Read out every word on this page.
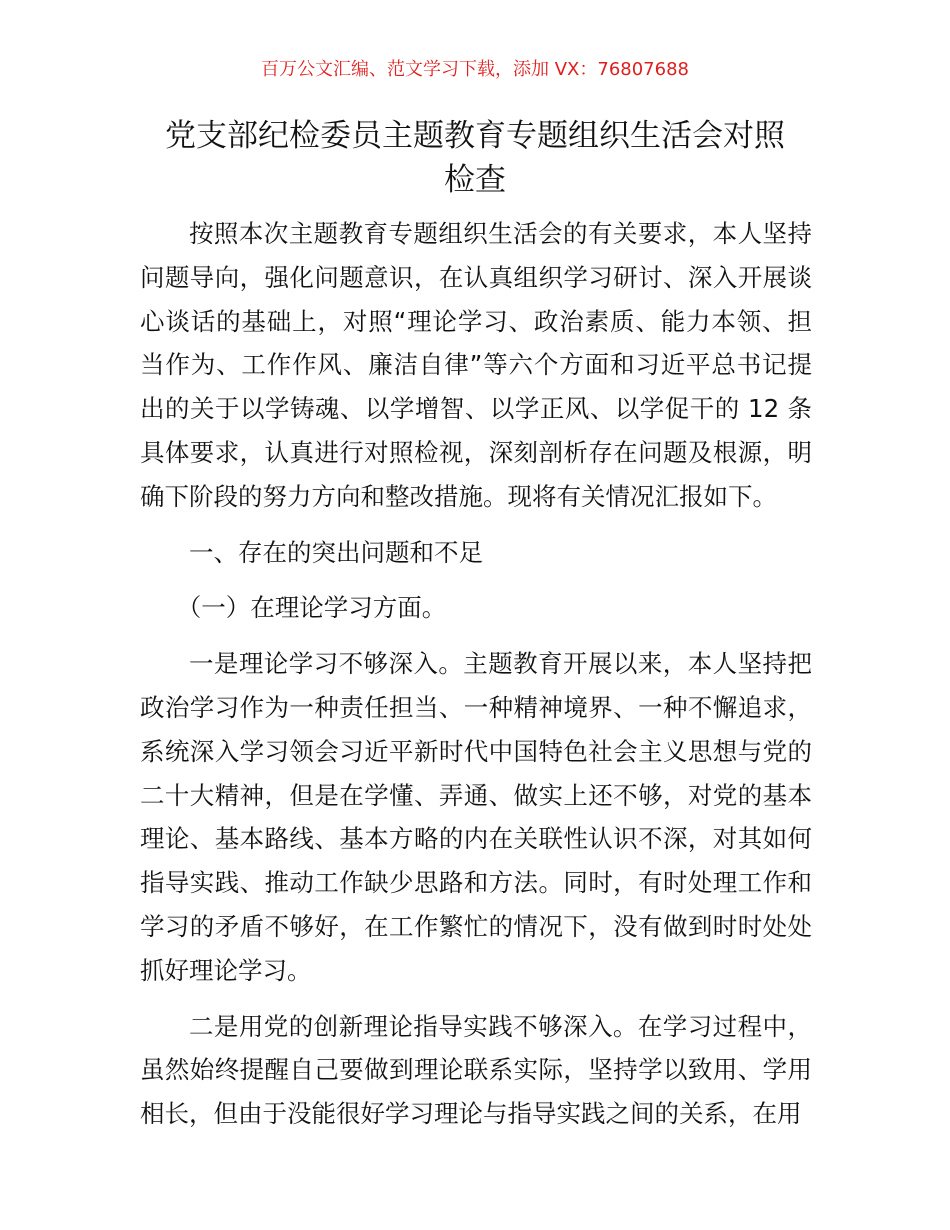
百万公文汇编、范文学习下载，添加 VX：76807688
党支部纪检委员主题教育专题组织生活会对照
检查

按照本次主题教育专题组织生活会的有关要求，本人坚持问题导向，强化问题意识，在认真组织学习研讨、深入开展谈心谈话的基础上，对照“理论学习、政治素质、能力本领、担当作为、工作作风、廉洁自律”等六个方面和习近平总书记提出的关于以学铸魂、以学增智、以学正风、以学促干的 12 条具体要求，认真进行对照检视，深刻剖析存在问题及根源，明确下阶段的努力方向和整改措施。现将有关情况汇报如下。

一、存在的突出问题和不足

（一）在理论学习方面。

一是理论学习不够深入。主题教育开展以来，本人坚持把政治学习作为一种责任担当、一种精神境界、一种不懈追求，系统深入学习领会习近平新时代中国特色社会主义思想与党的二十大精神，但是在学懂、弄通、做实上还不够，对党的基本理论、基本路线、基本方略的内在关联性认识不深，对其如何指导实践、推动工作缺少思路和方法。同时，有时处理工作和学习的矛盾不够好，在工作繁忙的情况下，没有做到时时处处抓好理论学习。

二是用党的创新理论指导实践不够深入。在学习过程中，虽然始终提醒自己要做到理论联系实际，坚持学以致用、学用相长，但由于没能很好学习理论与指导实践之间的关系，在用
